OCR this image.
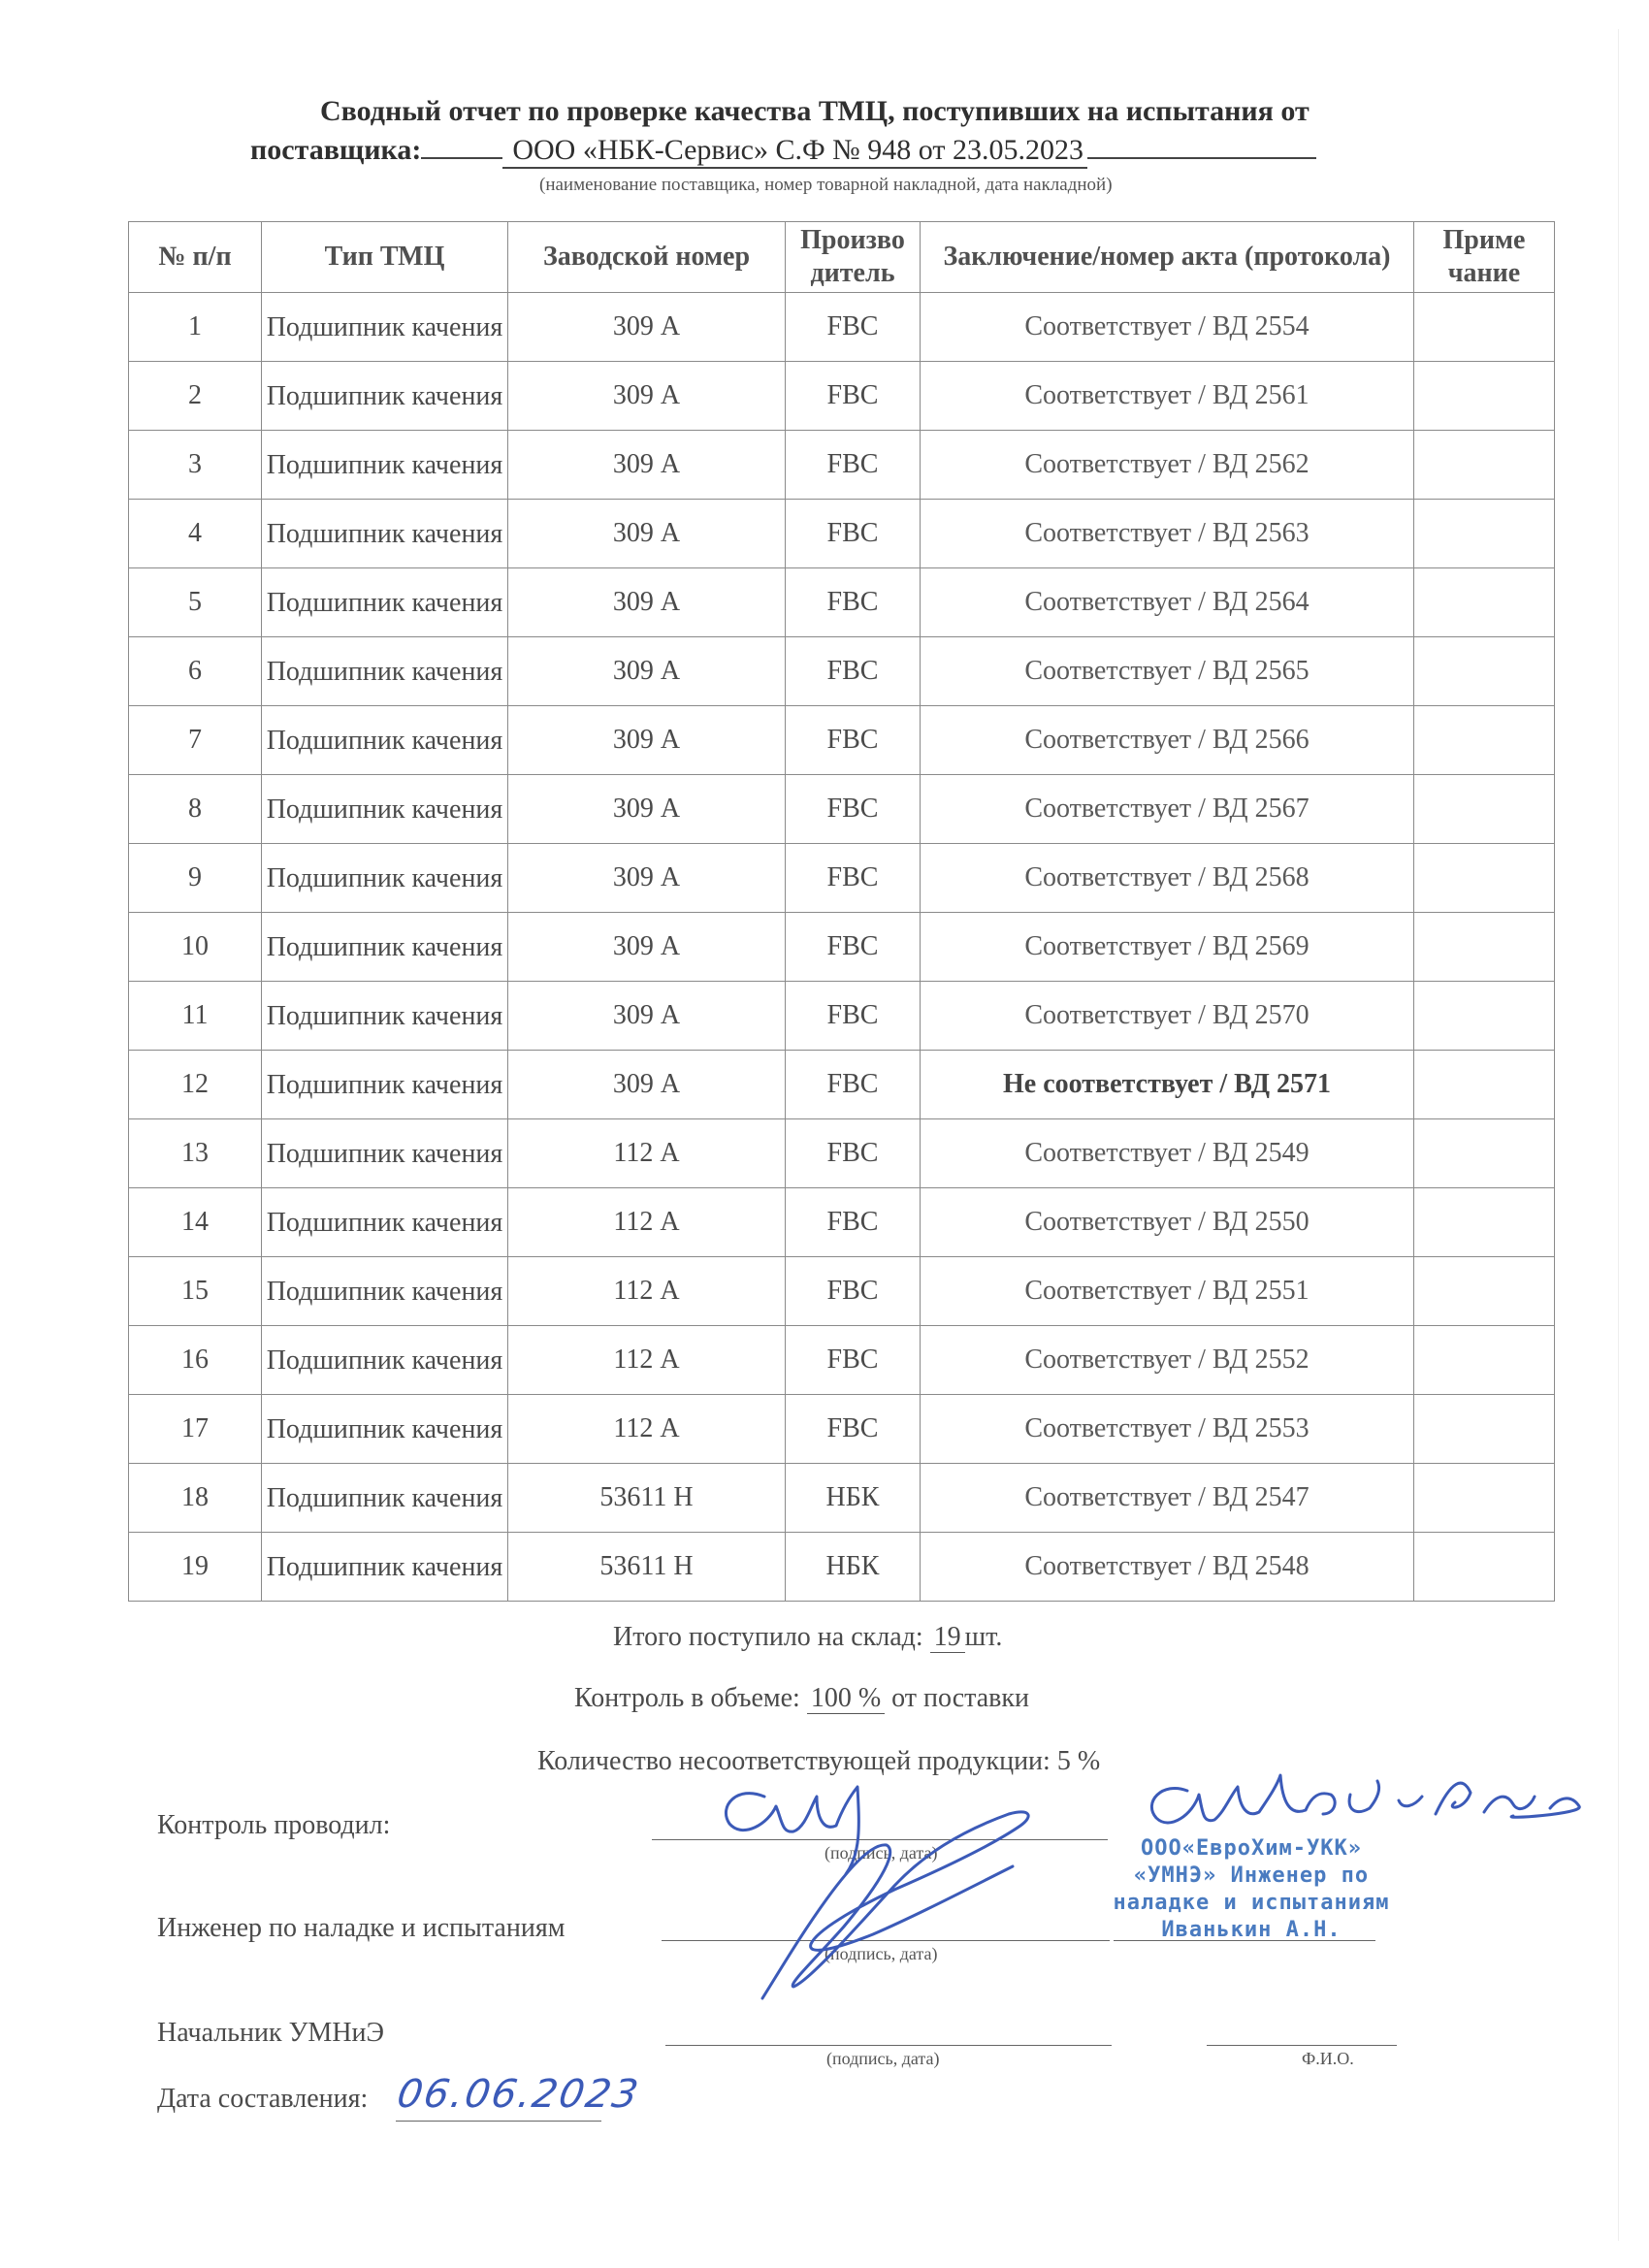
Сводный отчет по проверке качества ТМЦ, поступивших на испытания от
поставщика:	ООО «НБК-Сервис» С.Ф № 948 от 23.05.2023
(наименование поставщика, номер товарной накладной, дата накладной)
№ п/п	Тип ТМЦ	Заводской номер	Произво дитель	Заключение/номер акта (протокола)	Приме чание
1	Подшипник качения	309 А	FBC	Соответствует / ВД 2554	
2	Подшипник качения	309 А	FBC	Соответствует / ВД 2561	
3	Подшипник качения	309 А	FBC	Соответствует / ВД 2562	
4	Подшипник качения	309 А	FBC	Соответствует / ВД 2563	
5	Подшипник качения	309 А	FBC	Соответствует / ВД 2564	
6	Подшипник качения	309 А	FBC	Соответствует / ВД 2565	
7	Подшипник качения	309 А	FBC	Соответствует / ВД 2566	
8	Подшипник качения	309 А	FBC	Соответствует / ВД 2567	
9	Подшипник качения	309 А	FBC	Соответствует / ВД 2568	
10	Подшипник качения	309 А	FBC	Соответствует / ВД 2569	
11	Подшипник качения	309 А	FBC	Соответствует / ВД 2570	
12	Подшипник качения	309 А	FBC	Не соответствует / ВД 2571	
13	Подшипник качения	112 А	FBC	Соответствует / ВД 2549	
14	Подшипник качения	112 А	FBC	Соответствует / ВД 2550	
15	Подшипник качения	112 А	FBC	Соответствует / ВД 2551	
16	Подшипник качения	112 А	FBC	Соответствует / ВД 2552	
17	Подшипник качения	112 А	FBC	Соответствует / ВД 2553	
18	Подшипник качения	53611 Н	НБК	Соответствует / ВД 2547	
19	Подшипник качения	53611 Н	НБК	Соответствует / ВД 2548	
Итого поступило на склад: 19 шт.
Контроль в объеме: 100 % от поставки
Количество несоответствующей продукции: 5 %
Контроль проводил:
(подпись, дата)
Инженер по наладке и испытаниям
(подпись, дата)
Начальник УМНиЭ
(подпись, дата)	Ф.И.О.
ООО«ЕвроХим-УКК»
«УМНЭ» Инженер по
наладке и испытаниям
Иванькин А.Н.
Дата составления: 06.06.2023
